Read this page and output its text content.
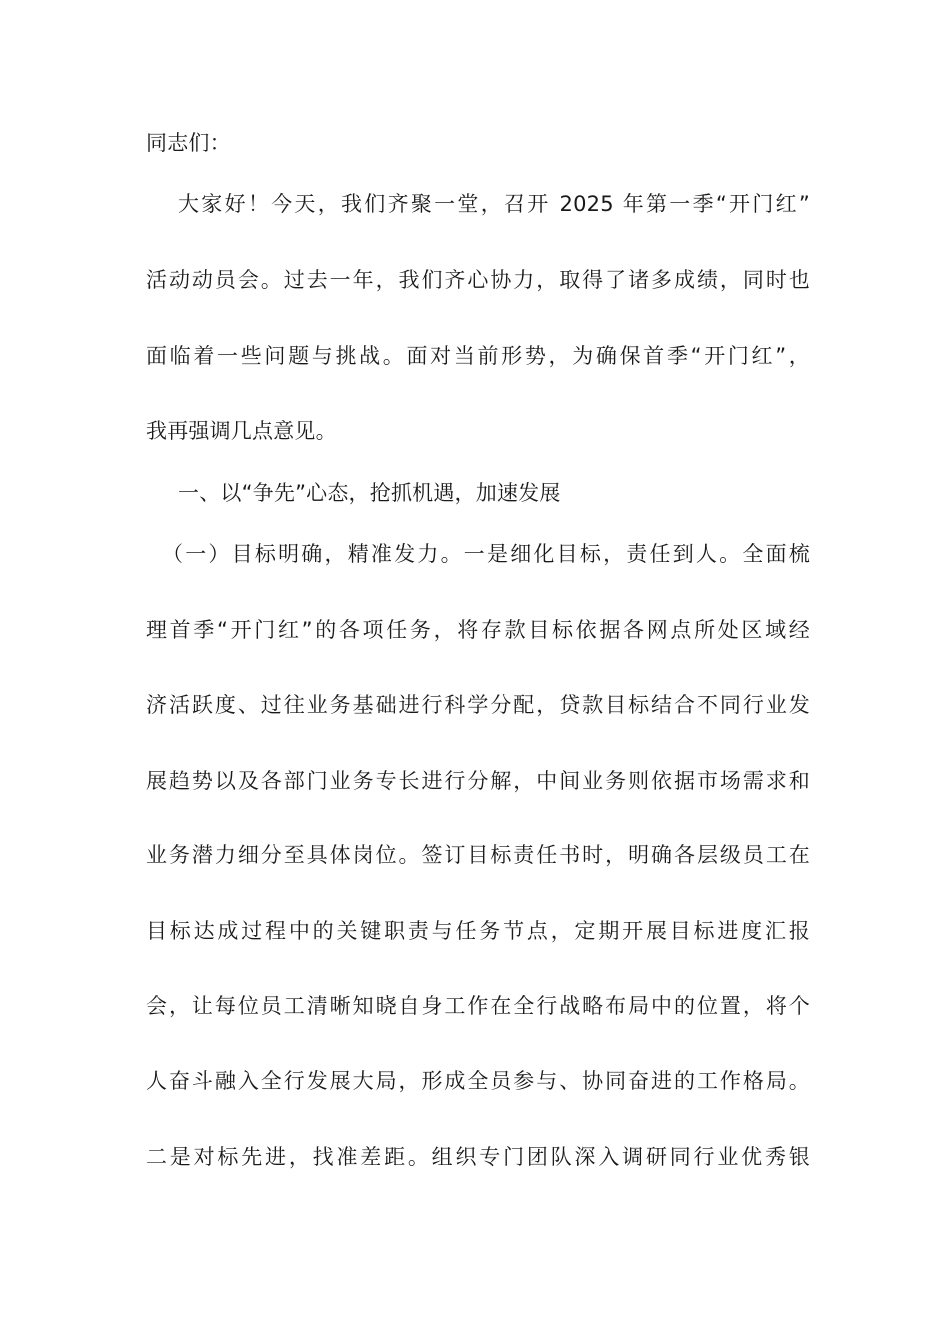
同志们：
大家好！今天，我们齐聚一堂，召开 2025 年第一季“开门红”
活动动员会。过去一年，我们齐心协力，取得了诸多成绩，同时也
面临着一些问题与挑战。面对当前形势，为确保首季“开门红”，
我再强调几点意见。
一、以“争先”心态，抢抓机遇，加速发展
（一）目标明确，精准发力。一是细化目标，责任到人。全面梳
理首季“开门红”的各项任务，将存款目标依据各网点所处区域经
济活跃度、过往业务基础进行科学分配，贷款目标结合不同行业发
展趋势以及各部门业务专长进行分解，中间业务则依据市场需求和
业务潜力细分至具体岗位。签订目标责任书时，明确各层级员工在
目标达成过程中的关键职责与任务节点，定期开展目标进度汇报
会，让每位员工清晰知晓自身工作在全行战略布局中的位置，将个
人奋斗融入全行发展大局，形成全员参与、协同奋进的工作格局。
二是对标先进，找准差距。组织专门团队深入调研同行业优秀银
